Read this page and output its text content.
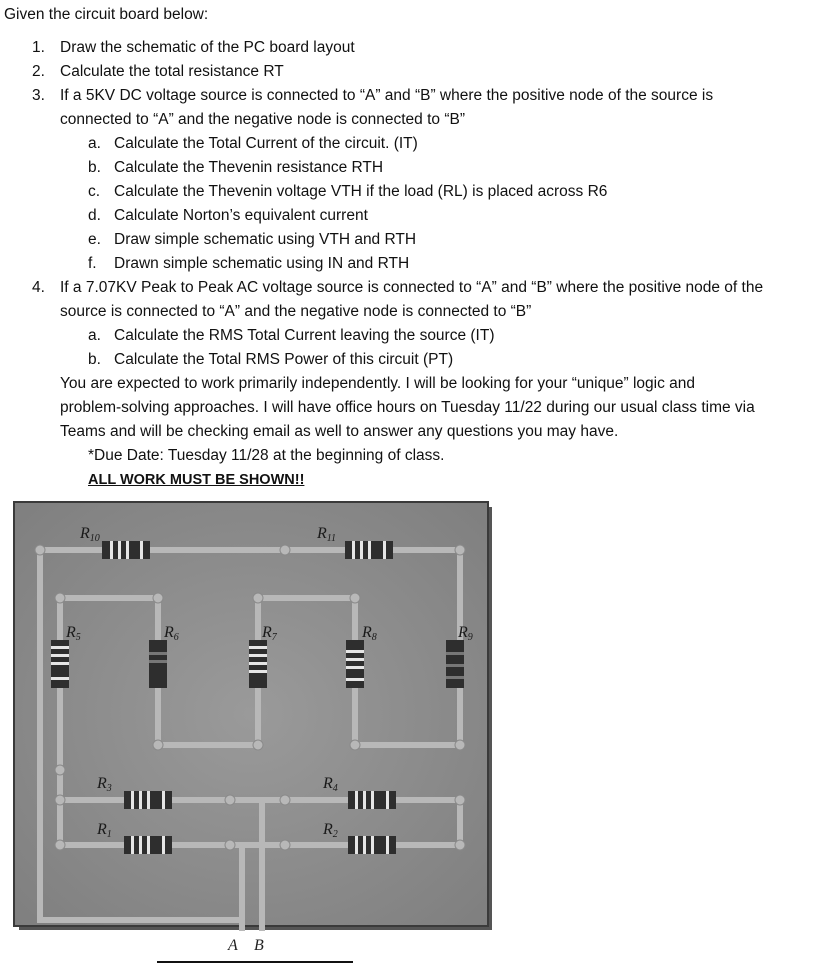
Given the circuit board below:
1. Draw the schematic of the PC board layout
2. Calculate the total resistance RT
3. If a 5KV DC voltage source is connected to “A” and “B” where the positive node of the source is
connected to “A” and the negative node is connected to “B”
a. Calculate the Total Current of the circuit. (IT)
b. Calculate the Thevenin resistance RTH
c. Calculate the Thevenin voltage VTH if the load (RL) is placed across R6
d. Calculate Norton’s equivalent current
e. Draw simple schematic using VTH and RTH
f. Drawn simple schematic using IN and RTH
4. If a 7.07KV Peak to Peak AC voltage source is connected to “A” and “B” where the positive node of the
source is connected to “A” and the negative node is connected to “B”
a. Calculate the RMS Total Current leaving the source (IT)
b. Calculate the Total RMS Power of this circuit (PT)
You are expected to work primarily independently. I will be looking for your “unique” logic and
problem-solving approaches. I will have office hours on Tuesday 11/22 during our usual class time via
Teams and will be checking email as well to answer any questions you may have.
*Due Date: Tuesday 11/28 at the beginning of class.
ALL WORK MUST BE SHOWN!!
R10	R11
R5	R6	R7	R8	R9
R3	R4
R1	R2
A B
